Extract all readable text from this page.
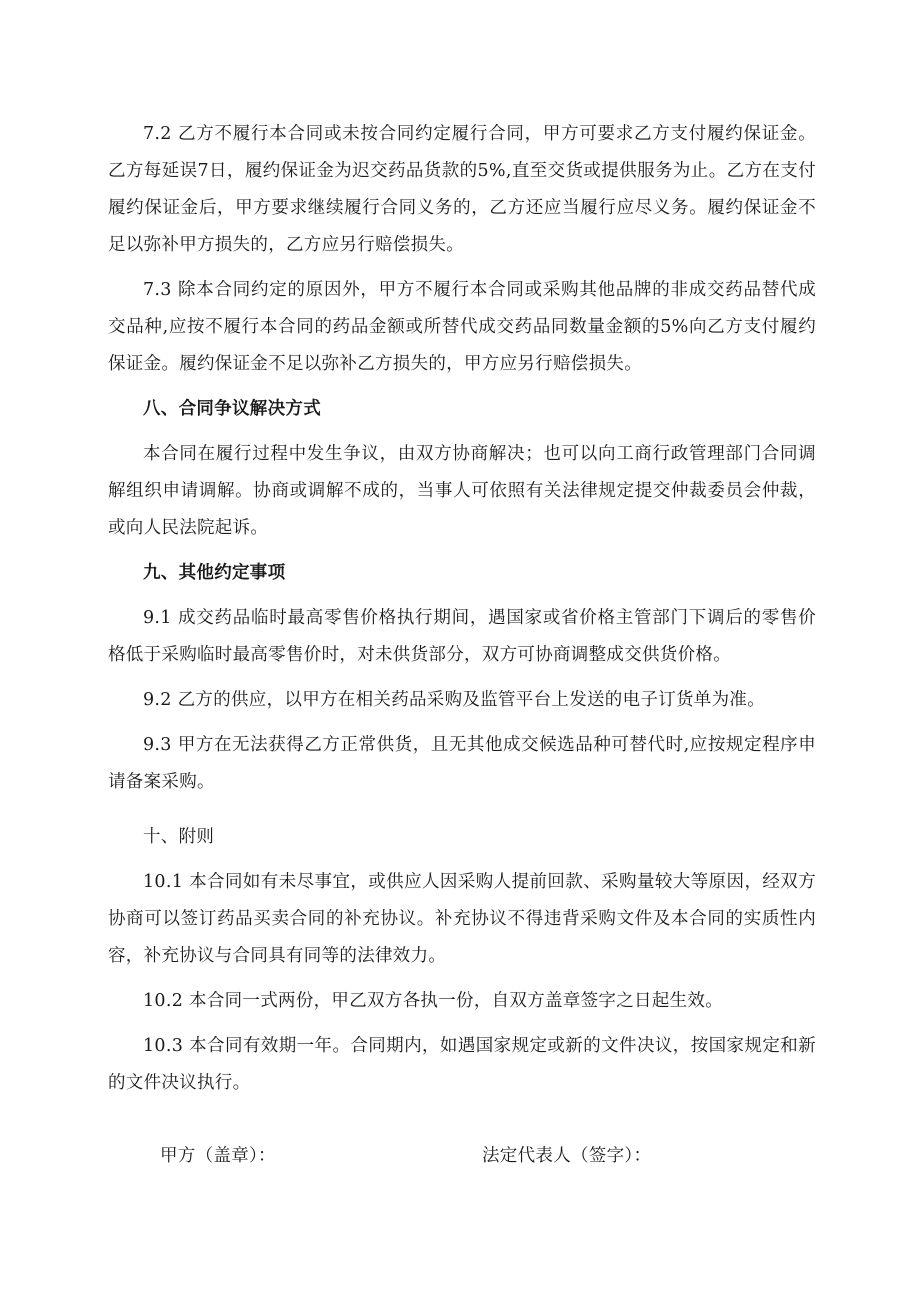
7.2 乙方不履行本合同或未按合同约定履行合同，甲方可要求乙方支付履约保证金。乙方每延误7日，履约保证金为迟交药品货款的5%,直至交货或提供服务为止。乙方在支付履约保证金后，甲方要求继续履行合同义务的，乙方还应当履行应尽义务。履约保证金不足以弥补甲方损失的，乙方应另行赔偿损失。

7.3 除本合同约定的原因外，甲方不履行本合同或采购其他品牌的非成交药品替代成交品种,应按不履行本合同的药品金额或所替代成交药品同数量金额的5%向乙方支付履约保证金。履约保证金不足以弥补乙方损失的，甲方应另行赔偿损失。

八、合同争议解决方式

本合同在履行过程中发生争议，由双方协商解决；也可以向工商行政管理部门合同调解组织申请调解。协商或调解不成的，当事人可依照有关法律规定提交仲裁委员会仲裁，或向人民法院起诉。

九、其他约定事项

9.1 成交药品临时最高零售价格执行期间，遇国家或省价格主管部门下调后的零售价格低于采购临时最高零售价时，对未供货部分，双方可协商调整成交供货价格。

9.2 乙方的供应，以甲方在相关药品采购及监管平台上发送的电子订货单为准。

9.3 甲方在无法获得乙方正常供货，且无其他成交候选品种可替代时,应按规定程序申请备案采购。

十、附则

10.1 本合同如有未尽事宜，或供应人因采购人提前回款、采购量较大等原因，经双方协商可以签订药品买卖合同的补充协议。补充协议不得违背采购文件及本合同的实质性内容，补充协议与合同具有同等的法律效力。

10.2 本合同一式两份，甲乙双方各执一份，自双方盖章签字之日起生效。

10.3 本合同有效期一年。合同期内，如遇国家规定或新的文件决议，按国家规定和新的文件决议执行。

甲方（盖章）：	法定代表人（签字）：
